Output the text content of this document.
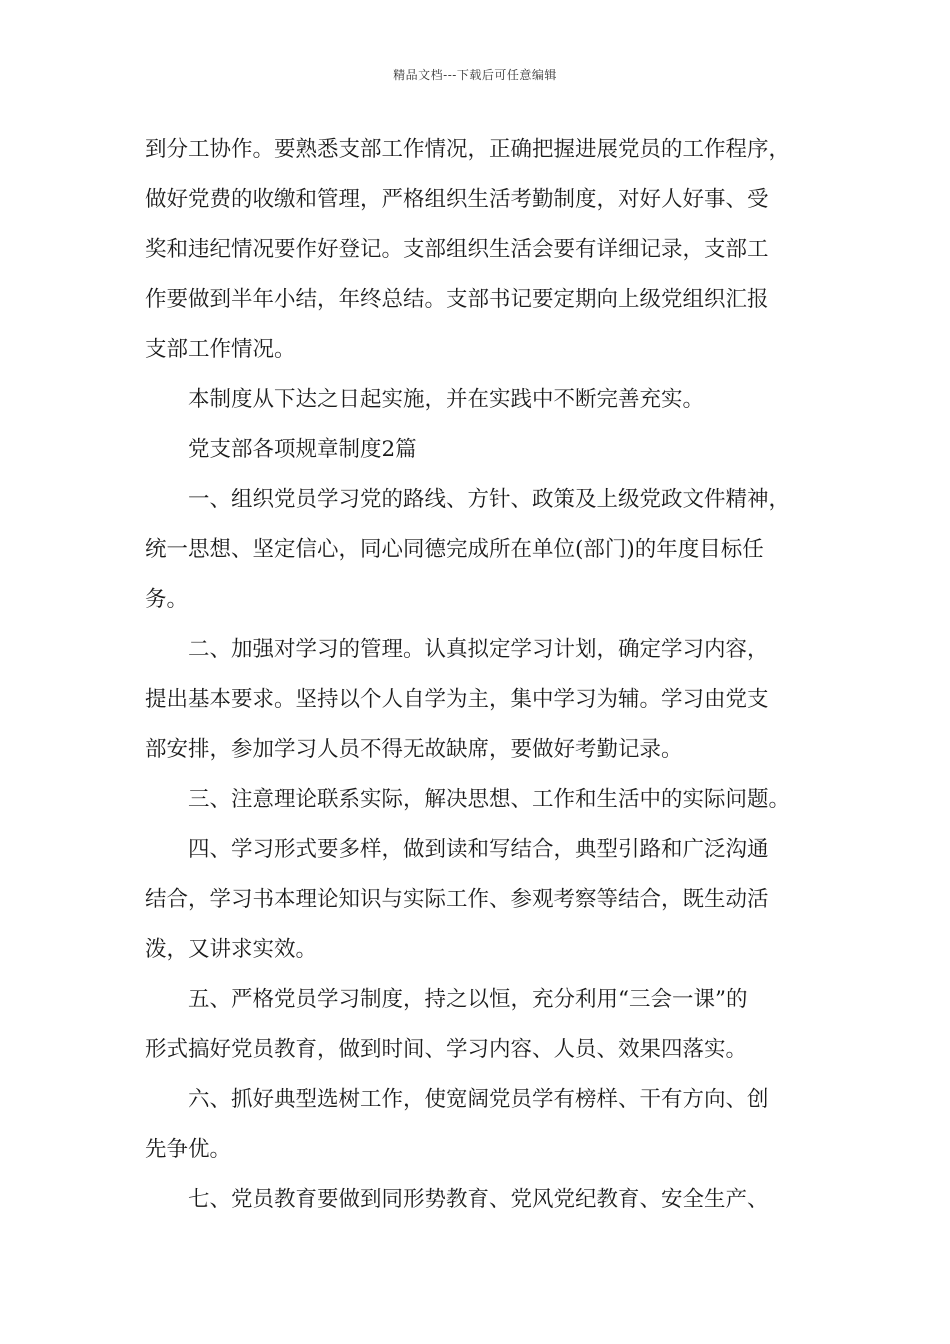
精品文档---下载后可任意编辑

到分工协作。要熟悉支部工作情况，正确把握进展党员的工作程序，

做好党费的收缴和管理，严格组织生活考勤制度，对好人好事、受

奖和违纪情况要作好登记。支部组织生活会要有详细记录，支部工

作要做到半年小结，年终总结。支部书记要定期向上级党组织汇报

支部工作情况。

　　本制度从下达之日起实施，并在实践中不断完善充实。

　　党支部各项规章制度2篇

　　一、组织党员学习党的路线、方针、政策及上级党政文件精神，

统一思想、坚定信心，同心同德完成所在单位(部门)的年度目标任

务。

　　二、加强对学习的管理。认真拟定学习计划，确定学习内容，

提出基本要求。坚持以个人自学为主，集中学习为辅。学习由党支

部安排，参加学习人员不得无故缺席，要做好考勤记录。

　　三、注意理论联系实际，解决思想、工作和生活中的实际问题。

　　四、学习形式要多样，做到读和写结合，典型引路和广泛沟通

结合，学习书本理论知识与实际工作、参观考察等结合，既生动活

泼，又讲求实效。

　　五、严格党员学习制度，持之以恒，充分利用“三会一课”的

形式搞好党员教育，做到时间、学习内容、人员、效果四落实。

　　六、抓好典型选树工作，使宽阔党员学有榜样、干有方向、创

先争优。

　　七、党员教育要做到同形势教育、党风党纪教育、安全生产、
